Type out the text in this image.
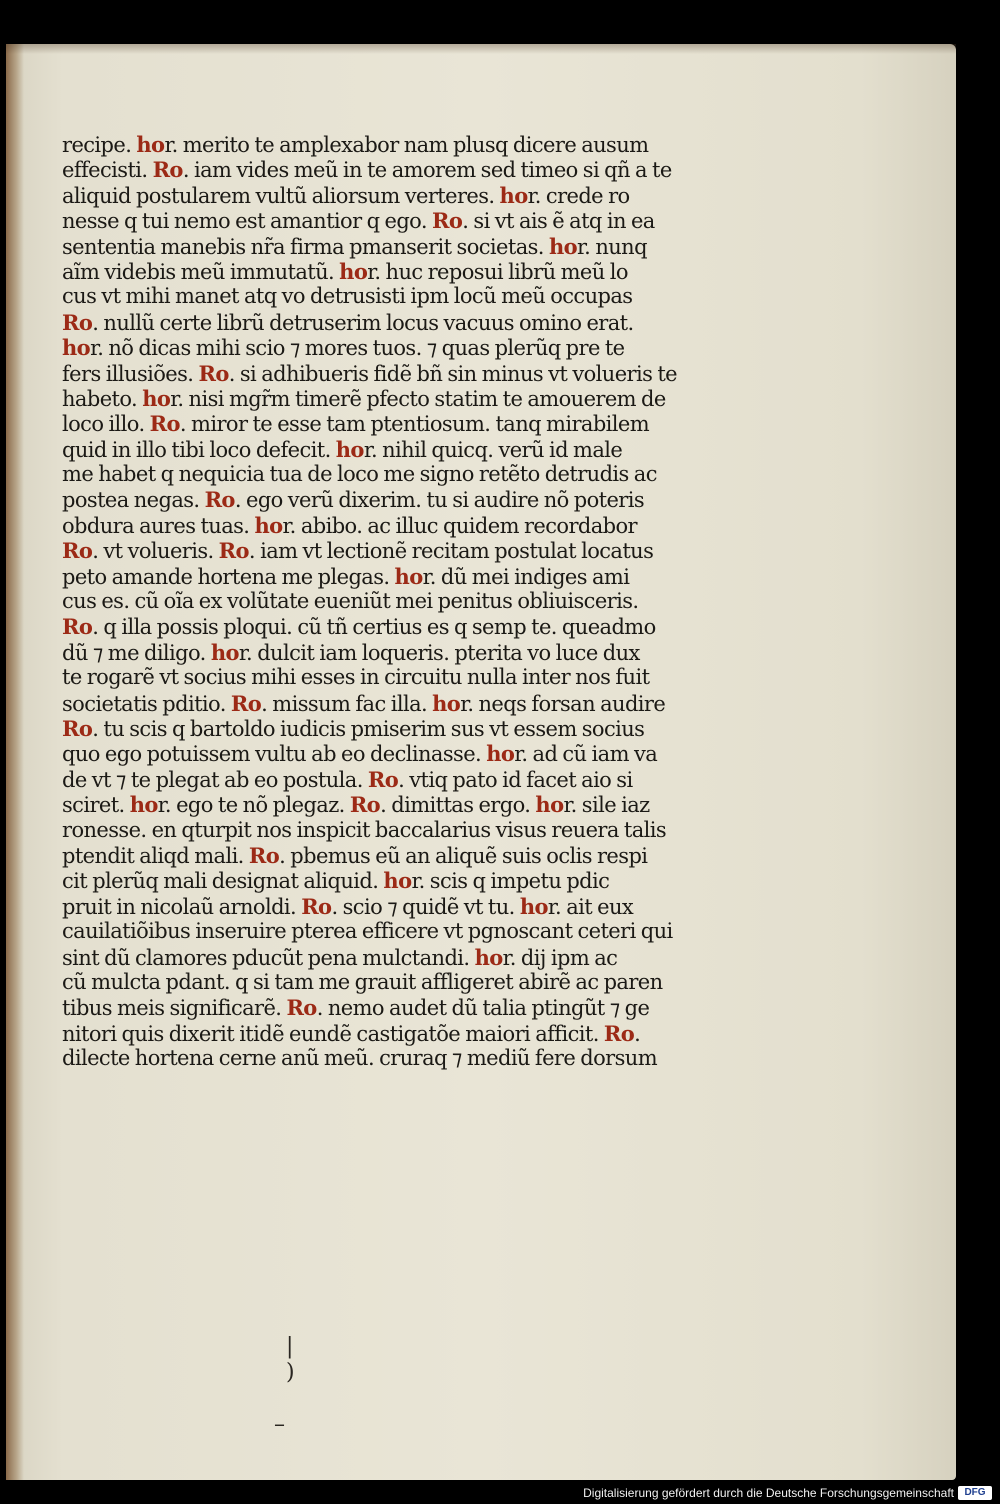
recipe. hor. merito te amplexabor nam plusq dicere ausum
effecisti. Ro. iam vides meũ in te amorem sed timeo si qñ a te
aliquid postularem vultũ aliorsum verteres. hor. crede ro
nesse q tui nemo est amantior q ego. Ro. si vt ais ẽ atq in ea
sententia manebis nr̃a firma pmanserit societas. hor. nunq
aĩm videbis meũ immutatũ. hor. huc reposui librũ meũ lo
cus vt mihi manet atq vo detrusisti ipm locũ meũ occupas
Ro. nullũ certe librũ detruserim locus vacuus omino erat.
hor. nõ dicas mihi scio ⁊ mores tuos. ⁊ quas plerũq pre te
fers illusiões. Ro. si adhibueris fidẽ bñ sin minus vt volueris te
habeto. hor. nisi mgr̃m timerẽ pfecto statim te amouerem de
loco illo. Ro. miror te esse tam ptentiosum. tanq mirabilem
quid in illo tibi loco defecit. hor. nihil quicq. verũ id male
me habet q nequicia tua de loco me signo retẽto detrudis ac
postea negas. Ro. ego verũ dixerim. tu si audire nõ poteris
obdura aures tuas. hor. abibo. ac illuc quidem recordabor
Ro. vt volueris. Ro. iam vt lectionẽ recitam postulat locatus
peto amande hortena me plegas. hor. dũ mei indiges ami
cus es. cũ oĩa ex volũtate eueniũt mei penitus obliuisceris.
Ro. q illa possis ploqui. cũ tñ certius es q semp te. queadmo
dũ ⁊ me diligo. hor. dulcit iam loqueris. pterita vo luce dux
te rogarẽ vt socius mihi esses in circuitu nulla inter nos fuit
societatis pditio. Ro. missum fac illa. hor. neqs forsan audire
Ro. tu scis q bartoldo iudicis pmiserim sus vt essem socius
quo ego potuissem vultu ab eo declinasse. hor. ad cũ iam va
de vt ⁊ te plegat ab eo postula. Ro. vtiq pato id facet aio si
sciret. hor. ego te nõ plegaz. Ro. dimittas ergo. hor. sile iaz
ronesse. en qturpit nos inspicit baccalarius visus reuera talis
ptendit aliqd mali. Ro. pbemus eũ an aliquẽ suis oclis respi
cit plerũq mali designat aliquid. hor. scis q impetu pdic
pruit in nicolaũ arnoldi. Ro. scio ⁊ quidẽ vt tu. hor. ait eux
cauilatiõibus inseruire pterea efficere vt pgnoscant ceteri qui
sint dũ clamores pducũt pena mulctandi. hor. dij ipm ac
cũ mulcta pdant. q si tam me grauit affligeret abirẽ ac paren
tibus meis significarẽ. Ro. nemo audet dũ talia ptingũt ⁊ ge
nitori quis dixerit itidẽ eundẽ castigatõe maiori afficit. Ro.
dilecte hortena cerne anũ meũ. cruraq ⁊ mediũ fere dorsum
|
)
–
Digitalisierung gefördert durch die Deutsche Forschungsgemeinschaft	DFG
